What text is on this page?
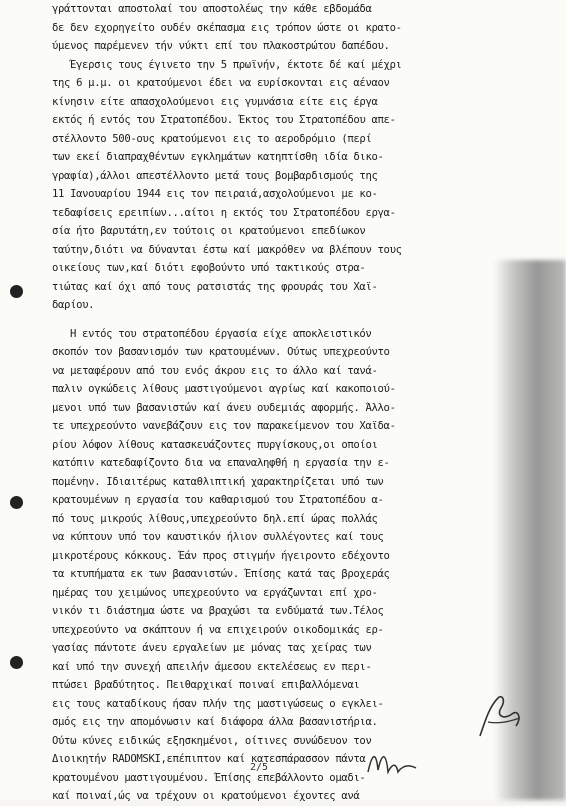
γράττονται αποστολαί του αποστολέως την κάθε εβδομάδα
δε δεν εχορηγείτο ουδέν σκέπασμα εις τρόπον ώστε οι κρατο-
ύμενος παρέμενεν τήν νύκτι επί του πλακοστρώτου δαπέδου.
Έγερσις τους έγινετο την 5 πρωϊνήν, έκτοτε δέ καί μέχρι
της 6 μ.μ. οι κρατούμενοι έδει να ευρίσκονται εις αέναον
κίνησιν είτε απασχολούμενοι εις γυμνάσια είτε εις έργα
εκτός ή εντός του Στρατοπέδου. Έκτος του Στρατοπέδου απε-
στέλλοντο 500-ους κρατούμενοι εις το αεροδρόμιο (περί
των εκεί διαπραχθέντων εγκλημάτων κατηπτίσθη ιδία δικο-
γραφία),άλλοι απεστέλλοντο μετά τους βομβαρδισμούς της
11 Ιανουαρίου 1944 εις τον πειραιά,ασχολούμενοι με κο-
τεδαφίσεις ερειπίων...αίτοι η εκτός του Στρατοπέδου εργα-
σία ήτο βαρυτάτη,εν τούτοις οι κρατούμενοι επεδίωκον
ταύτην,διότι να δύνανται έστω καί μακρόθεν να βλέπουν τους
οικείους των,καί διότι εφοβούντο υπό τακτικούς στρα-
τιώτας καί όχι από τους ρατσιστάς της φρουράς του Χαϊ-
δαρίου.
Η εντός του στρατοπέδου έργασία είχε αποκλειστικόν
σκοπόν τον βασανισμόν των κρατουμένων. Ούτως υπεχρεούντο
να μεταφέρουν από του ενός άκρου εις το άλλο καί τανά-
παλιν ογκώδεις λίθους μαστιγούμενοι αγρίως καί κακοποιού-
μενοι υπό των βασανιστών καί άνευ ουδεμιάς αφορμής. Άλλο-
τε υπεχρεούντο νανεβάζουν εις τον παρακείμενον του Χαϊδα-
ρίου λόφον λίθους κατασκευάζοντες πυργίσκους,οι οποίοι
κατόπιν κατεδαφίζοντο δια να επαναληφθή η εργασία την ε-
πομένην. Ιδιαιτέρως καταθλιπτική χαρακτηρίζεται υπό των
κρατουμένων η εργασία του καθαρισμού του Στρατοπέδου α-
πό τους μικρούς λίθους,υπεχρεούντο δηλ.επί ώρας πολλάς
να κύπτουν υπό τον καυστικόν ήλιον συλλέγοντες καί τους
μικροτέρους κόκκους. Έάν προς στιγμήν ήγειροντο εδέχοντο
τα κτυπήματα εκ των βασανιστών. Έπίσης κατά τας βροχεράς
ημέρας του χειμώνος υπεχρεούντο να εργάζωνται επί χρο-
νικόν τι διάστημα ώστε να βραχώσι τα ενδύματά των.Τέλος
υπεχρεούντο να σκάπτουν ή να επιχειρούν οικοδομικάς ερ-
γασίας πάντοτε άνευ εργαλείων με μόνας τας χείρας των
καί υπό την συνεχή απειλήν άμεσου εκτελέσεως εν περι-
πτώσει βραδύτητος. Πειθαρχικαί ποιναί επιβαλλόμεναι
εις τους καταδίκους ήσαν πλήν της μαστιγώσεως ο εγκλει-
σμός εις την απομόνωσιν καί διάφορα άλλα βασανιστήρια.
Ούτω κύνες ειδικώς εξησκημένοι, οίτινες συνώδευον τον
Διοικητήν RADOMSKI,επέπιπτον καί κατεσπάρασσον πάντα
κρατουμένου μαστιγουμένου. Έπίσης επεβάλλοντο ομαδι-
καί ποιναί,ώς να τρέχουν οι κρατούμενοι έχοντες ανά
2/5
